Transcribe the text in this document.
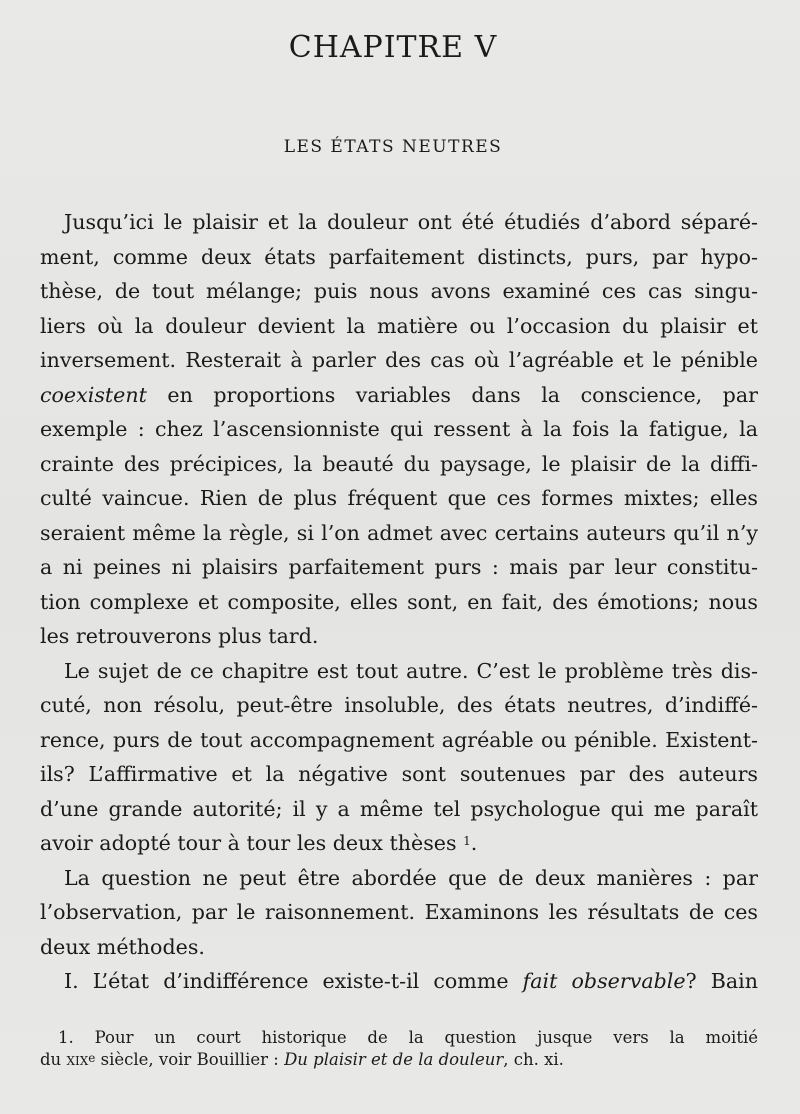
CHAPITRE V
LES ÉTATS NEUTRES
Jusqu’ici le plaisir et la douleur ont été étudiés d’abord séparé-
ment, comme deux états parfaitement distincts, purs, par hypo-
thèse, de tout mélange; puis nous avons examiné ces cas singu-
liers où la douleur devient la matière ou l’occasion du plaisir et
inversement. Resterait à parler des cas où l’agréable et le pénible
coexistent en proportions variables dans la conscience, par
exemple : chez l’ascensionniste qui ressent à la fois la fatigue, la
crainte des précipices, la beauté du paysage, le plaisir de la diffi-
culté vaincue. Rien de plus fréquent que ces formes mixtes; elles
seraient même la règle, si l’on admet avec certains auteurs qu’il n’y
a ni peines ni plaisirs parfaitement purs : mais par leur constitu-
tion complexe et composite, elles sont, en fait, des émotions; nous
les retrouverons plus tard.
Le sujet de ce chapitre est tout autre. C’est le problème très dis-
cuté, non résolu, peut-être insoluble, des états neutres, d’indiffé-
rence, purs de tout accompagnement agréable ou pénible. Existent-
ils? L’affirmative et la négative sont soutenues par des auteurs
d’une grande autorité; il y a même tel psychologue qui me paraît
avoir adopté tour à tour les deux thèses $^1$.
La question ne peut être abordée que de deux manières : par
l’observation, par le raisonnement. Examinons les résultats de ces
deux méthodes.
I. L’état d’indifférence existe-t-il comme fait observable? Bain
1. Pour un court historique de la question jusque vers la moitié
du xix$^e$ siècle, voir Bouillier : Du plaisir et de la douleur, ch. xi.
